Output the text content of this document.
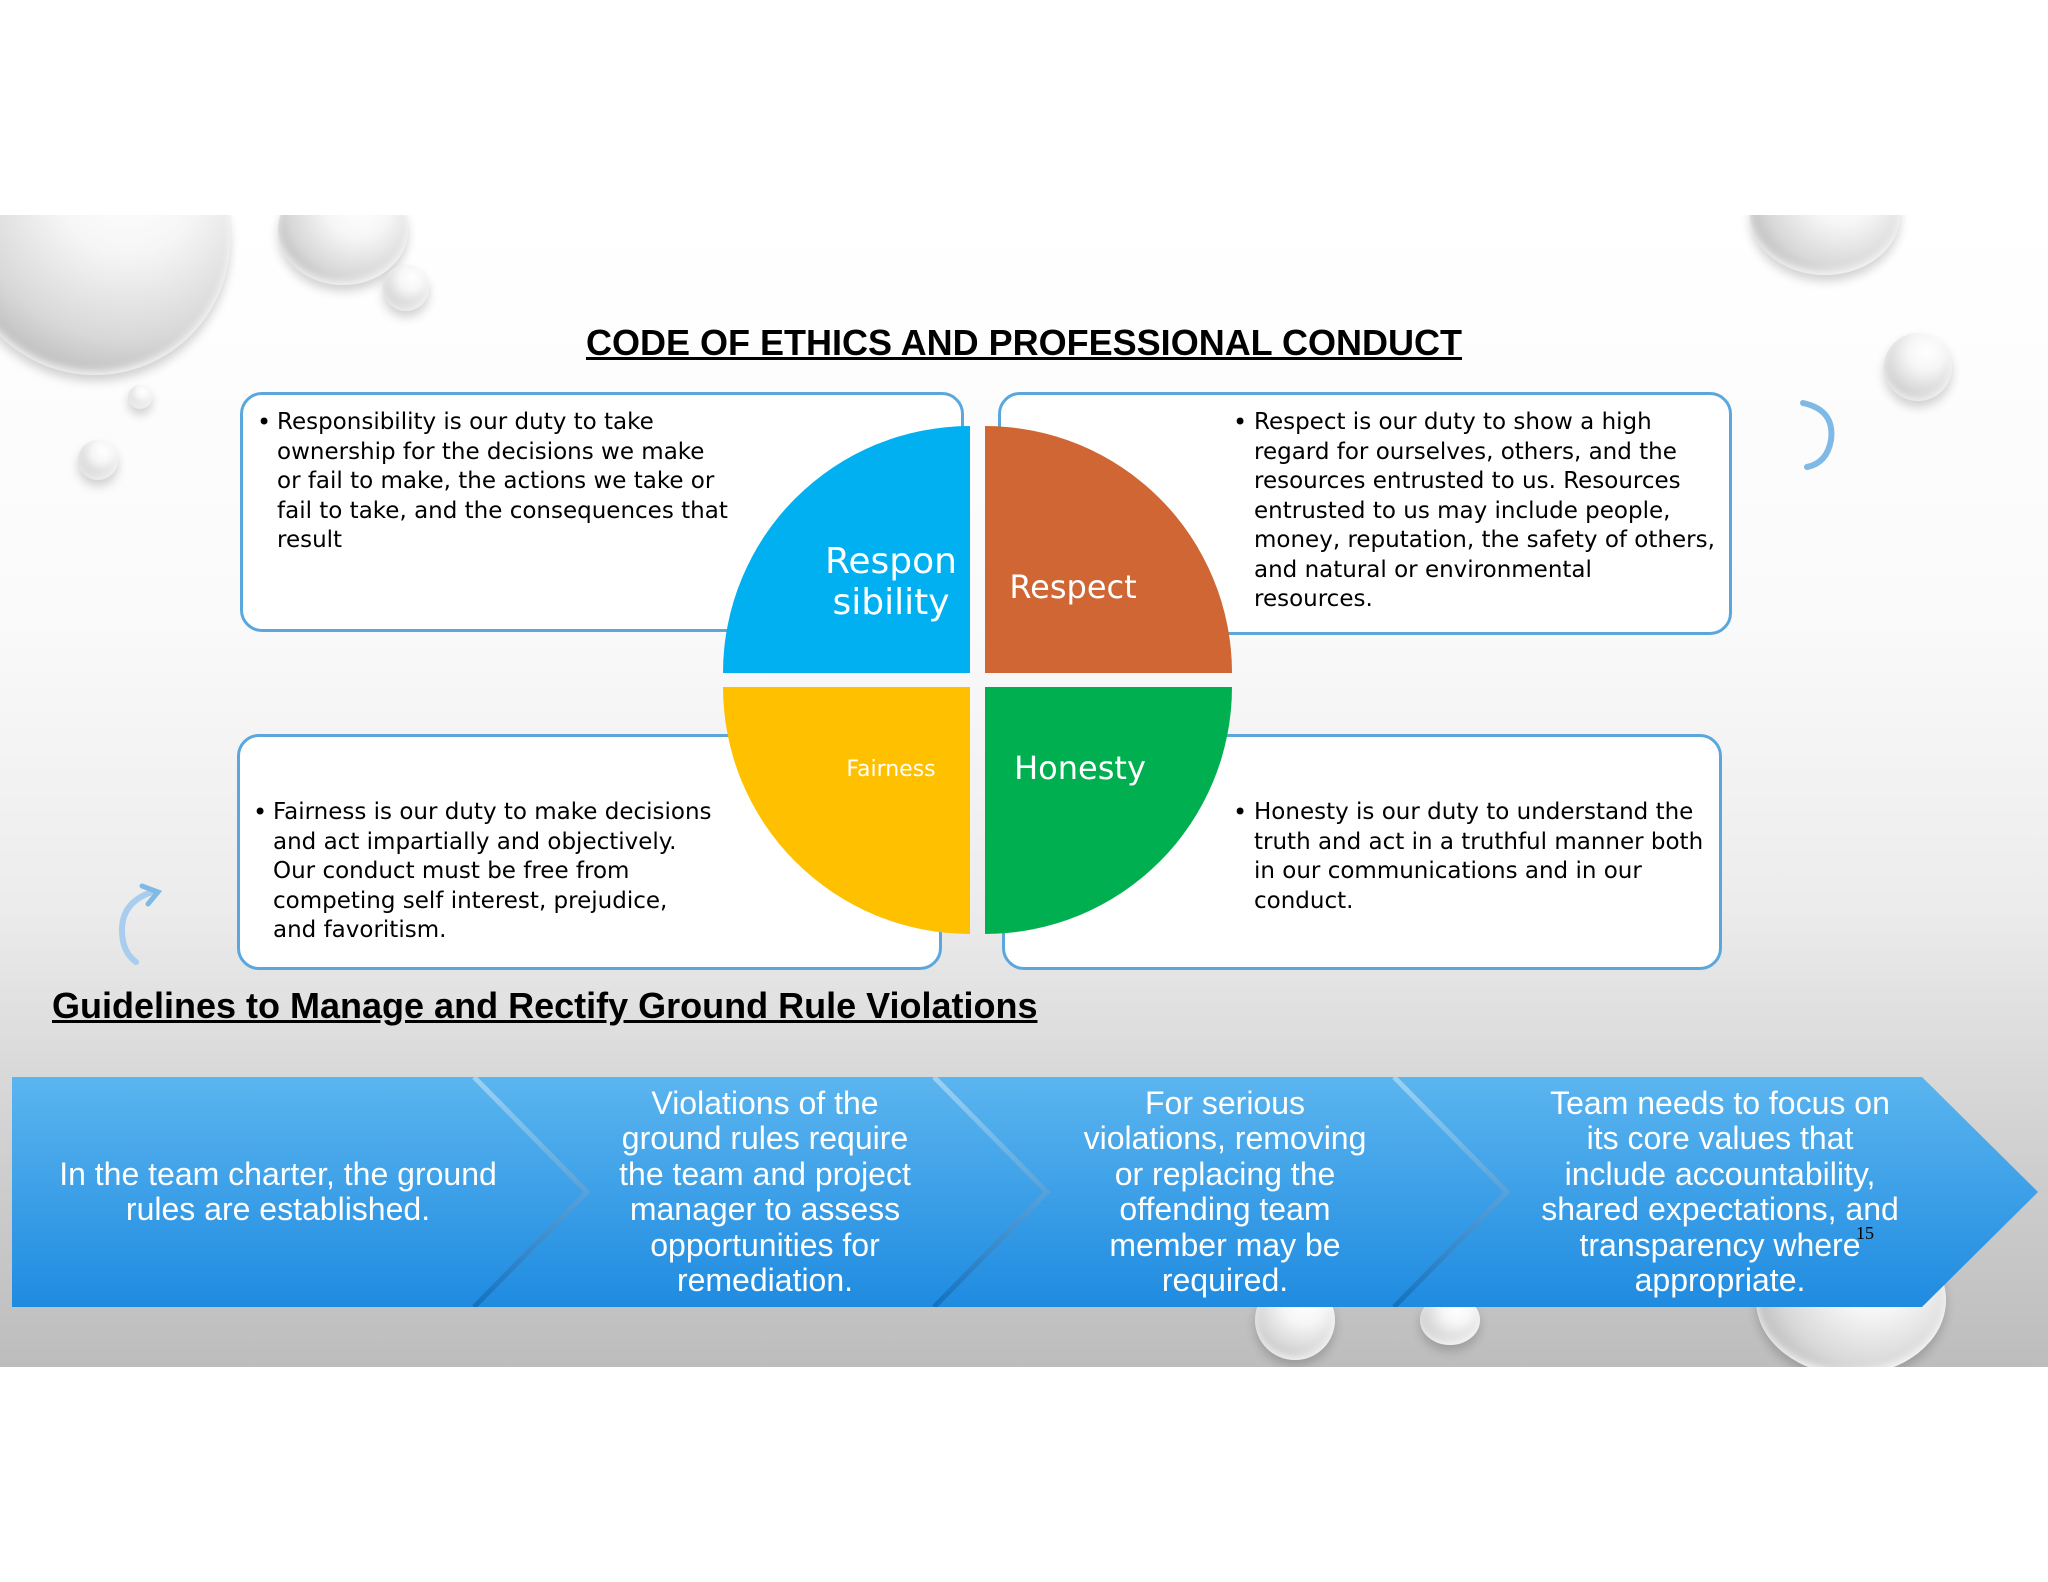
CODE OF ETHICS AND PROFESSIONAL CONDUCT
• Responsibility is our duty to take
ownership for the decisions we make
or fail to make, the actions we take or
fail to take, and the consequences that
result
• Respect is our duty to show a high
regard for ourselves, others, and the
resources entrusted to us. Resources
entrusted to us may include people,
money, reputation, the safety of others,
and natural or environmental
resources.
• Fairness is our duty to make decisions
and act impartially and objectively.
Our conduct must be free from
competing self interest, prejudice,
and favoritism.
• Honesty is our duty to understand the
truth and act in a truthful manner both
in our communications and in our
conduct.
Respon
sibility	Respect
Fairness	Honesty
Guidelines to Manage and Rectify Ground Rule Violations
In the team charter, the ground
rules are established.
Violations of the
ground rules require
the team and project
manager to assess
opportunities for
remediation.
For serious
violations, removing
or replacing the
offending team
member may be
required.
Team needs to focus on
its core values that
include accountability,
shared expectations, and
transparency where
appropriate.
15
